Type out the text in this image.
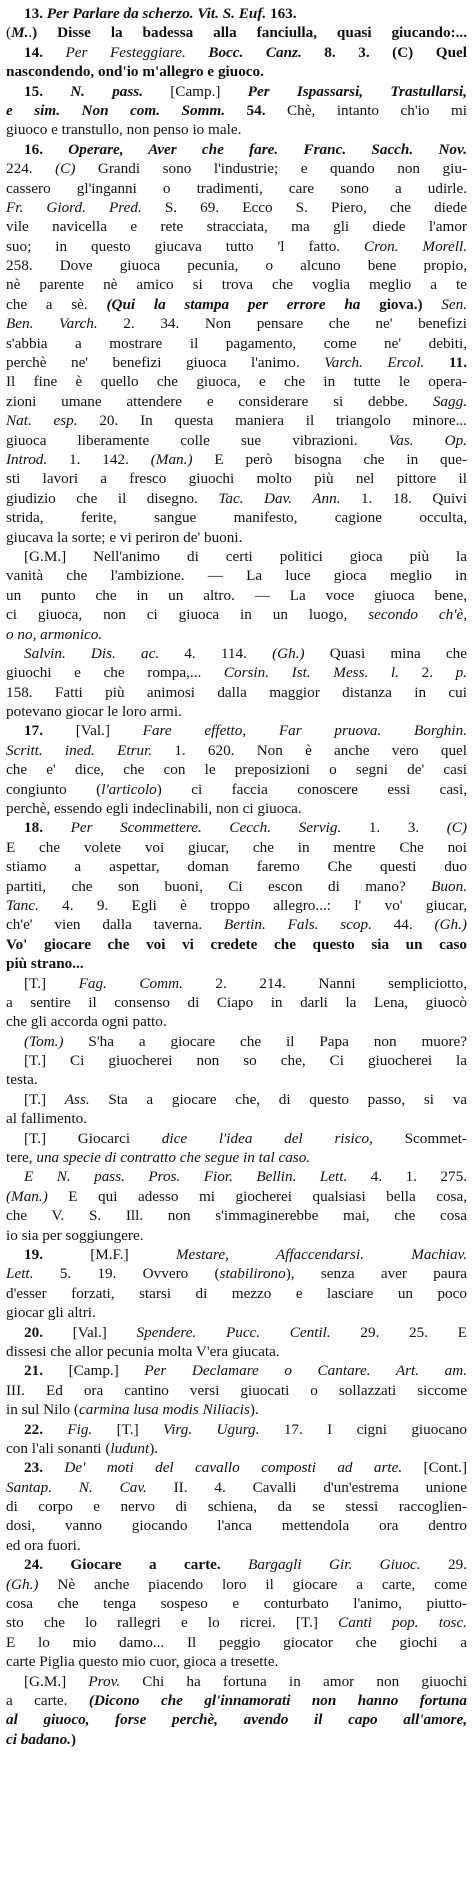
13. Per Parlare da scherzo. Vit. S. Euf. 163.
(M..) Disse la badessa alla fanciulla, quasi giucando:...
14. Per Festeggiare. Bocc. Canz. 8. 3. (C) Quel
nascondendo, ond'io m'allegro e giuoco.
15. N. pass. [Camp.] Per Ispassarsi, Trastullarsi,
e sim. Non com. Somm. 54. Chè, intanto ch'io mi
giuoco e transtullo, non penso io male.
16. Operare, Aver che fare. Franc. Sacch. Nov.
224. (C) Grandi sono l'industrie; e quando non giu-
cassero gl'inganni o tradimenti, care sono a udirle.
Fr. Giord. Pred. S. 69. Ecco S. Piero, che diede
vile navicella e rete stracciata, ma gli diede l'amor
suo; in questo giucava tutto 'l fatto. Cron. Morell.
258. Dove giuoca pecunia, o alcuno bene propio,
nè parente nè amico si trova che voglia meglio a te
che a sè. (Qui la stampa per errore ha giova.) Sen.
Ben. Varch. 2. 34. Non pensare che ne' benefizi
s'abbia a mostrare il pagamento, come ne' debiti,
perchè ne' benefizi giuoca l'animo. Varch. Ercol. 11.
Il fine è quello che giuoca, e che in tutte le opera-
zioni umane attendere e considerare si debbe. Sagg.
Nat. esp. 20. In questa maniera il triangolo minore...
giuoca liberamente colle sue vibrazioni. Vas. Op.
Introd. 1. 142. (Man.) E però bisogna che in que-
sti lavori a fresco giuochi molto più nel pittore il
giudizio che il disegno. Tac. Dav. Ann. 1. 18. Quivi
strida, ferite, sangue manifesto, cagione occulta,
giucava la sorte; e vi periron de' buoni.
[G.M.] Nell'animo di certi politici gioca più la
vanità che l'ambizione. — La luce gioca meglio in
un punto che in un altro. — La voce giuoca bene,
ci giuoca, non ci giuoca in un luogo, secondo ch'è,
o no, armonico.
Salvin. Dis. ac. 4. 114. (Gh.) Quasi mina che
giuochi e che rompa,... Corsin. Ist. Mess. l. 2. p.
158. Fatti più animosi dalla maggior distanza in cui
potevano giocar le loro armi.
17. [Val.] Fare effetto, Far pruova. Borghin.
Scritt. ined. Etrur. 1. 620. Non è anche vero quel
che e' dice, che con le preposizioni o segni de' casi
congiunto (l'articolo) ci faccia conoscere essi casi,
perchè, essendo egli indeclinabili, non ci giuoca.
18. Per Scommettere. Cecch. Servig. 1. 3. (C)
E che volete voi giucar, che in mentre Che noi
stiamo a aspettar, doman faremo Che questi duo
partiti, che son buoni, Ci escon di mano? Buon.
Tanc. 4. 9. Egli è troppo allegro...: l' vo' giucar,
ch'e' vien dalla taverna. Bertin. Fals. scop. 44. (Gh.)
Vo' giocare che voi vi credete che questo sia un caso
più strano...
[T.] Fag. Comm. 2. 214. Nanni sempliciotto,
a sentire il consenso di Ciapo in darli la Lena, giuocò
che gli accorda ogni patto.
(Tom.) S'ha a giocare che il Papa non muore?
[T.] Ci giuocherei non so che, Ci giuocherei la
testa.
[T.] Ass. Sta a giocare che, di questo passo, si va
al fallimento.
[T.] Giocarci dice l'idea del risico, Scommet-
tere, una specie di contratto che segue in tal caso.
E N. pass. Pros. Fior. Bellin. Lett. 4. 1. 275.
(Man.) E qui adesso mi giocherei qualsiasi bella cosa,
che V. S. Ill. non s'immaginerebbe mai, che cosa
io sia per soggiungere.
19. [M.F.] Mestare, Affaccendarsi. Machiav.
Lett. 5. 19. Ovvero (stabilirono), senza aver paura
d'esser forzati, starsi di mezzo e lasciare un poco
giocar gli altri.
20. [Val.] Spendere. Pucc. Centil. 29. 25. E
dissesi che allor pecunia molta V'era giucata.
21. [Camp.] Per Declamare o Cantare. Art. am.
III. Ed ora cantino versi giuocati o sollazzati siccome
in sul Nilo (carmina lusa modis Niliacis).
22. Fig. [T.] Virg. Ugurg. 17. I cigni giuocano
con l'ali sonanti (ludunt).
23. De' moti del cavallo composti ad arte. [Cont.]
Santap. N. Cav. II. 4. Cavalli d'un'estrema unione
di corpo e nervo di schiena, da se stessi raccoglien-
dosi, vanno giocando l'anca mettendola ora dentro
ed ora fuori.
24. Giocare a carte. Bargagli Gir. Giuoc. 29.
(Gh.) Nè anche piacendo loro il giocare a carte, come
cosa che tenga sospeso e conturbato l'animo, piutto-
sto che lo rallegri e lo ricrei. [T.] Canti pop. tosc.
E lo mio damo... Il peggio giocator che giochi a
carte Piglia questo mio cuor, gioca a tresette.
[G.M.] Prov. Chi ha fortuna in amor non giuochi
a carte. (Dicono che gl'innamorati non hanno fortuna
al giuoco, forse perchè, avendo il capo all'amore,
ci badano.)
